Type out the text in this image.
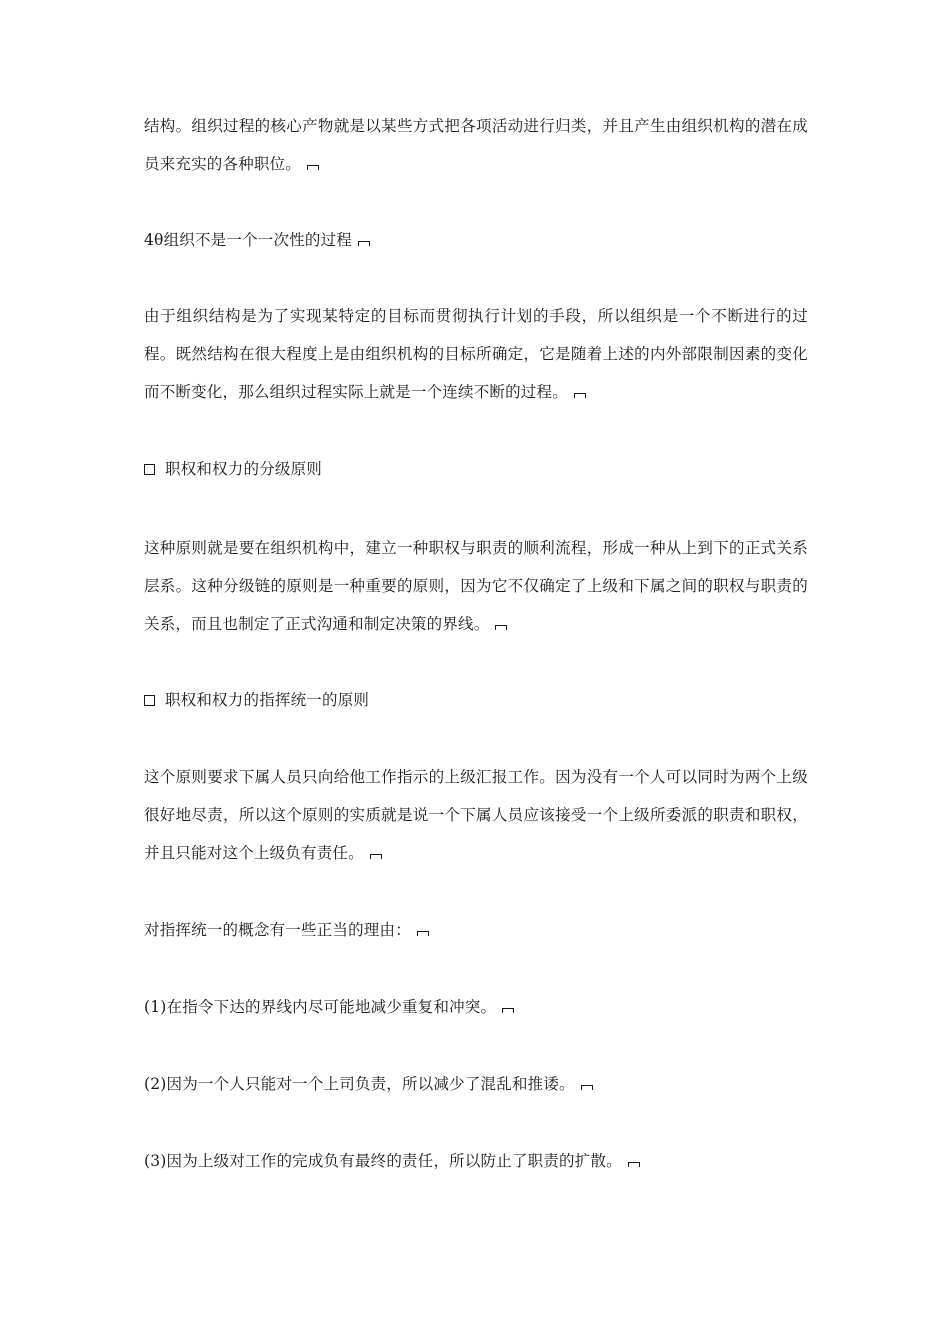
结构。组织过程的核心产物就是以某些方式把各项活动进行归类，并且产生由组织机构的潜在成员来充实的各种职位。

4θ组织不是一个一次性的过程

由于组织结构是为了实现某特定的目标而贯彻执行计划的手段，所以组织是一个不断进行的过程。既然结构在很大程度上是由组织机构的目标所确定，它是随着上述的内外部限制因素的变化而不断变化，那么组织过程实际上就是一个连续不断的过程。

职权和权力的分级原则

这种原则就是要在组织机构中，建立一种职权与职责的顺利流程，形成一种从上到下的正式关系层系。这种分级链的原则是一种重要的原则，因为它不仅确定了上级和下属之间的职权与职责的关系，而且也制定了正式沟通和制定决策的界线。

职权和权力的指挥统一的原则

这个原则要求下属人员只向给他工作指示的上级汇报工作。因为没有一个人可以同时为两个上级很好地尽责，所以这个原则的实质就是说一个下属人员应该接受一个上级所委派的职责和职权，并且只能对这个上级负有责任。

对指挥统一的概念有一些正当的理由：

(1)在指令下达的界线内尽可能地减少重复和冲突。

(2)因为一个人只能对一个上司负责，所以减少了混乱和推诿。

(3)因为上级对工作的完成负有最终的责任，所以防止了职责的扩散。
